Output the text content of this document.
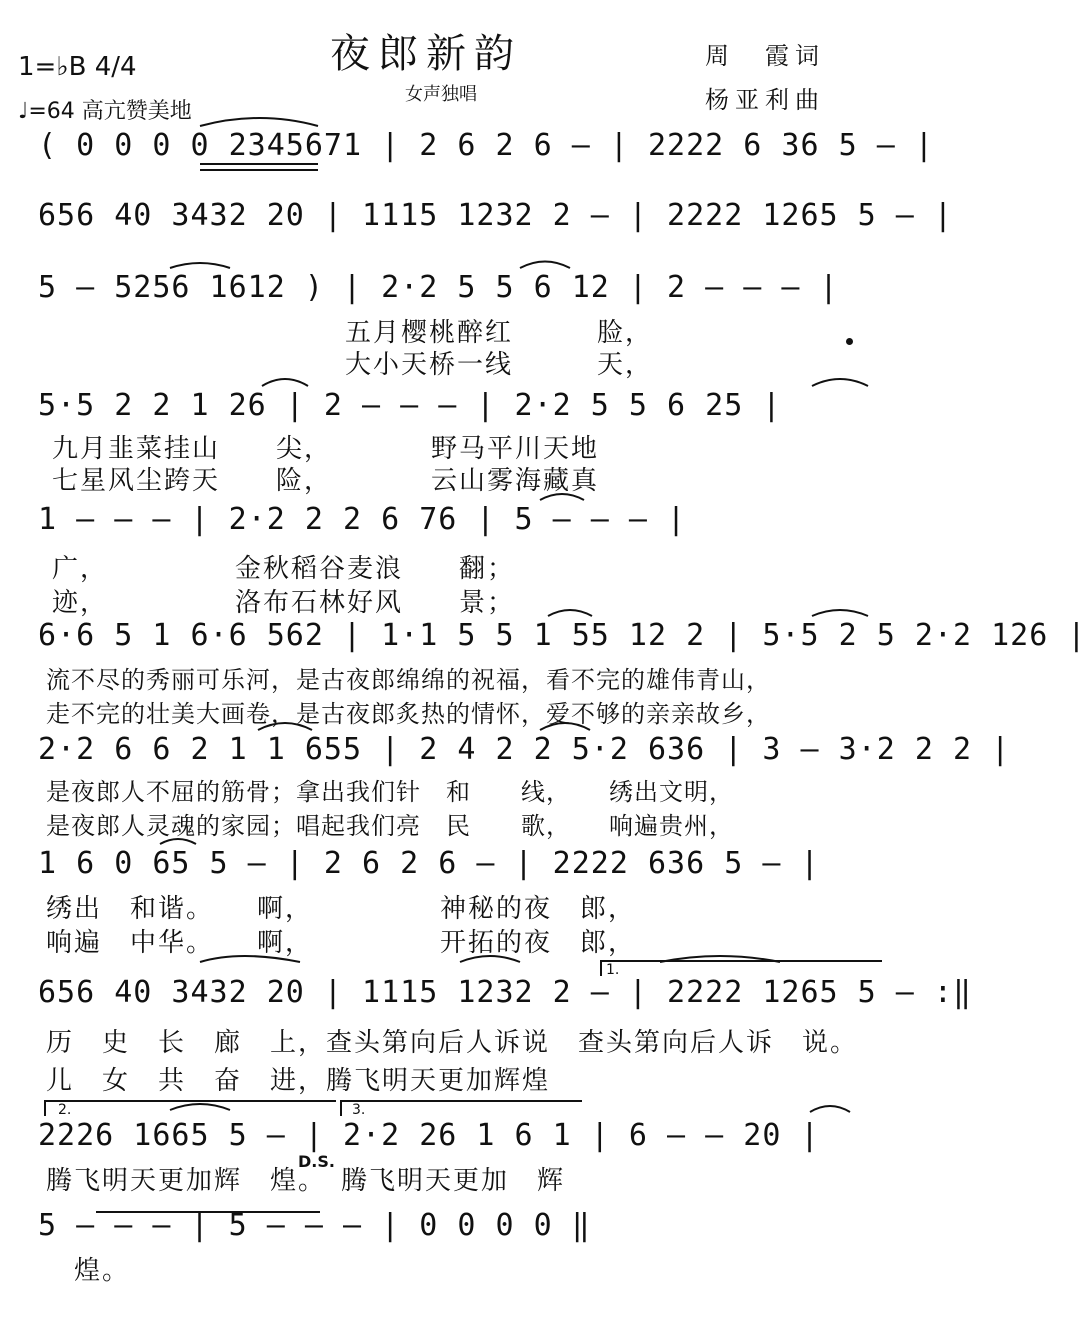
夜郎新韵
女声独唱
周　霞词
杨亚利曲
1=♭B 4/4
♩=64 高亢赞美地
( 0 0 0 0 2345671 | 2 6 2 6 — | 2222 6 36 5 — |
656 40 3432 20 | 1115 1232 2 — | 2222 1265 5 — |
5 — 5256 1612 ) | 2·2 5 5 6 12 | 2 — — — |
五月樱桃醉红　　　脸，
大小天桥一线　　　天，
5·5 2 2 1 26 | 2 — — — | 2·2 5 5 6 25 |
九月韭菜挂山　　尖，　　　　野马平川天地
七星风尘跨天　　险，　　　　云山雾海藏真
1 — — — | 2·2 2 2 6 76 | 5 — — — |
广，　　　　　金秋稻谷麦浪　　翻；
迹，　　　　　洛布石林好风　　景；
6·6 5 1 6·6 562 | 1·1 5 5 1 55 12 2 | 5·5 2 5 2·2 126 |
流不尽的秀丽可乐河，是古夜郎绵绵的祝福，看不完的雄伟青山，
走不完的壮美大画卷，是古夜郎炙热的情怀，爱不够的亲亲故乡，
2·2 6 6 2 1 1 655 | 2 4 2 2 5·2 636 | 3 — 3·2 2 2 |
是夜郎人不屈的筋骨；拿出我们针　和　　线，　　绣出文明，
是夜郎人灵魂的家园；唱起我们亮　民　　歌，　　响遍贵州，
1 6 0 65 5 — | 2 6 2 6 — | 2222 636 5 — |
绣出　和谐。　　啊，　　　　　神秘的夜　郎，
响遍　中华。　　啊，　　　　　开拓的夜　郎，
1.
656 40 3432 20 | 1115 1232 2 — | 2222 1265 5 — :‖
历　史　长　廊　上，查头第向后人诉说　查头第向后人诉　说。
儿　女　共　奋　进，腾飞明天更加辉煌
2.	3.
2226 1665 5 — | 2·2 26 1 6 1 | 6 — — 20 |
D.S.
腾飞明天更加辉　煌。　腾飞明天更加　辉
5 — — — | 5 — — — | 0 0 0 0 ‖
　煌。
